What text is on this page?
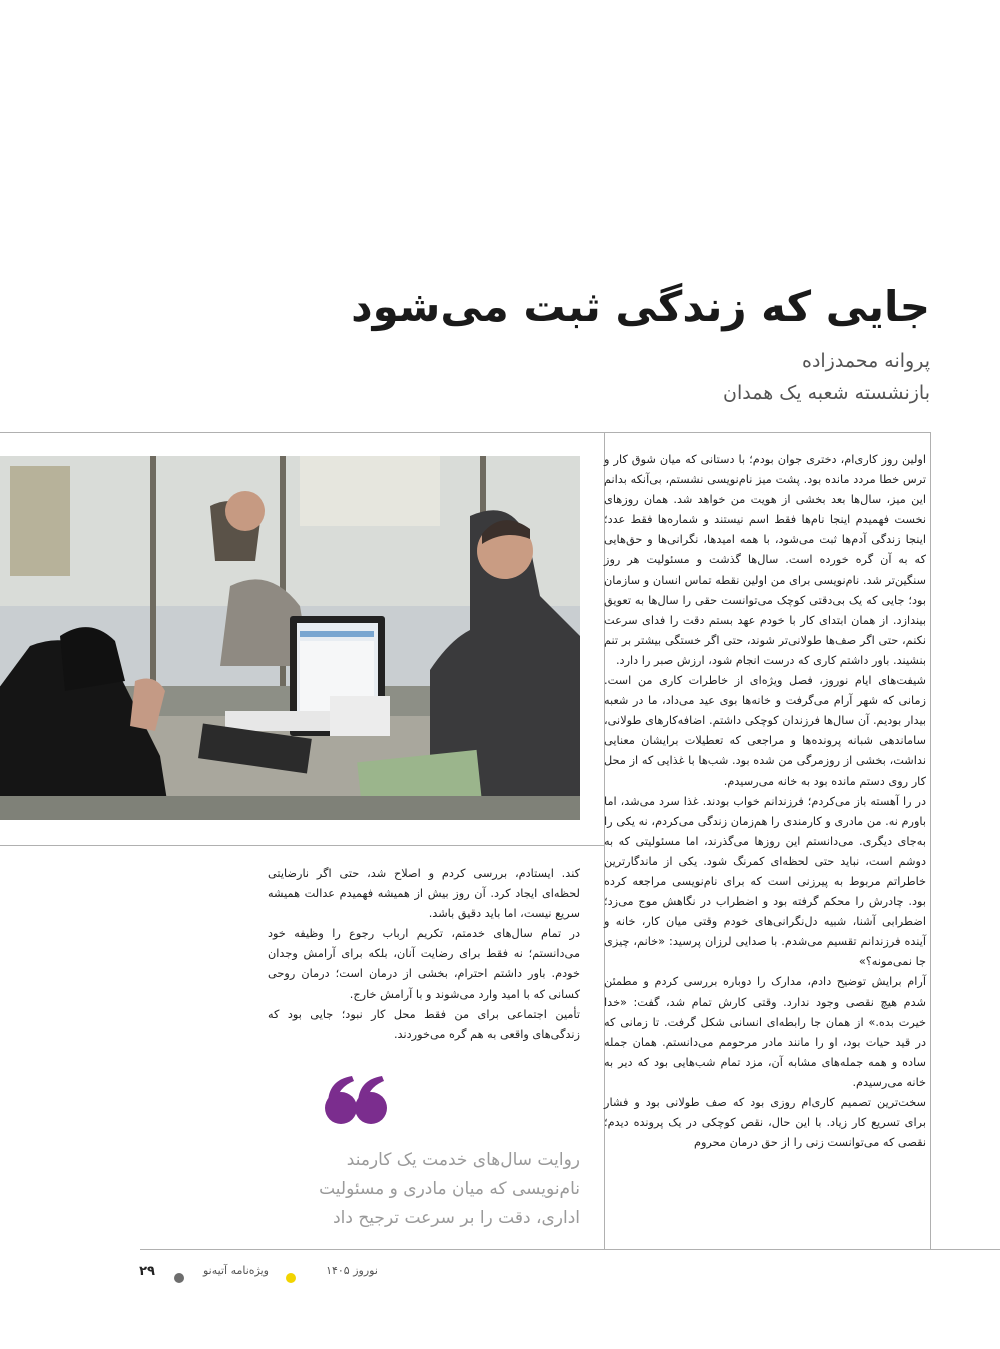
جایی که زندگی ثبت می‌شود
پروانه محمدزاده
بازنشسته شعبه یک همدان

اولین روز کاری‌ام، دختری جوان بودم؛ با دستانی که میان شوق کار و ترس خطا مردد مانده بود. پشت میز نام‌نویسی نشستم، بی‌آنکه بدانم این میز، سال‌ها بعد بخشی از هویت من خواهد شد. همان روزهای نخست فهمیدم اینجا نام‌ها فقط اسم نیستند و شماره‌ها فقط عدد؛ اینجا زندگی آدم‌ها ثبت می‌شود، با همه امیدها، نگرانی‌ها و حق‌هایی که به آن گره خورده است. سال‌ها گذشت و مسئولیت هر روز سنگین‌تر شد. نام‌نویسی برای من اولین نقطه تماس انسان و سازمان بود؛ جایی که یک بی‌دقتی کوچک می‌توانست حقی را سال‌ها به تعویق بیندازد. از همان ابتدای کار با خودم عهد بستم دقت را فدای سرعت نکنم، حتی اگر صف‌ها طولانی‌تر شوند، حتی اگر خستگی بیشتر بر تنم بنشیند. باور داشتم کاری که درست انجام شود، ارزش صبر را دارد.

شیفت‌های ایام نوروز، فصل ویژه‌ای از خاطرات کاری من است. زمانی که شهر آرام می‌گرفت و خانه‌ها بوی عید می‌داد، ما در شعبه بیدار بودیم. آن سال‌ها فرزندان کوچکی داشتم. اضافه‌کارهای طولانی، ساماندهی شبانه پرونده‌ها و مراجعی که تعطیلات برایشان معنایی نداشت، بخشی از روزمرگی من شده بود. شب‌ها با غذایی که از محل کار روی دستم مانده بود به خانه می‌رسیدم.

در را آهسته باز می‌کردم؛ فرزندانم خواب بودند. غذا سرد می‌شد، اما باورم نه. من مادری و کارمندی را هم‌زمان زندگی می‌کردم، نه یکی را به‌جای دیگری. می‌دانستم این روزها می‌گذرند، اما مسئولیتی که به دوشم است، نباید حتی لحظه‌ای کمرنگ شود. یکی از ماندگارترین خاطراتم مربوط به پیرزنی است که برای نام‌نویسی مراجعه کرده بود. چادرش را محکم گرفته بود و اضطراب در نگاهش موج می‌زد؛ اضطرابی آشنا، شبیه دل‌نگرانی‌های خودم وقتی میان کار، خانه و آینده فرزندانم تقسیم می‌شدم. با صدایی لرزان پرسید: «خانم، چیزی جا نمی‌مونه؟»

آرام برایش توضیح دادم، مدارک را دوباره بررسی کردم و مطمئن شدم هیچ نقصی وجود ندارد. وقتی کارش تمام شد، گفت: «خدا خیرت بده.» از همان جا رابطه‌ای انسانی شکل گرفت. تا زمانی که در قید حیات بود، او را مانند مادر مرحومم می‌دانستم. همان جمله ساده و همه جمله‌های مشابه آن، مزد تمام شب‌هایی بود که دیر به خانه می‌رسیدم.

سخت‌ترین تصمیم کاری‌ام روزی بود که صف طولانی بود و فشار برای تسریع کار زیاد. با این حال، نقص کوچکی در یک پرونده دیدم؛ نقصی که می‌توانست زنی را از حق درمان محروم

کند. ایستادم، بررسی کردم و اصلاح شد، حتی اگر نارضایتی لحظه‌ای ایجاد کرد. آن روز بیش از همیشه فهمیدم عدالت همیشه سریع نیست، اما باید دقیق باشد.

در تمام سال‌های خدمتم، تکریم ارباب رجوع را وظیفه خود می‌دانستم؛ نه فقط برای رضایت آنان، بلکه برای آرامش وجدان خودم. باور داشتم احترام، بخشی از درمان است؛ درمان روحی کسانی که با امید وارد می‌شوند و با آرامش خارج.

تأمین اجتماعی برای من فقط محل کار نبود؛ جایی بود که زندگی‌های واقعی به هم گره می‌خوردند.

روایت سال‌های خدمت یک کارمند نام‌نویسی که میان مادری و مسئولیت اداری، دقت را بر سرعت ترجیح داد
نوروز ۱۴۰۵
ویژه‌نامه آتیه‌نو
۲۹
